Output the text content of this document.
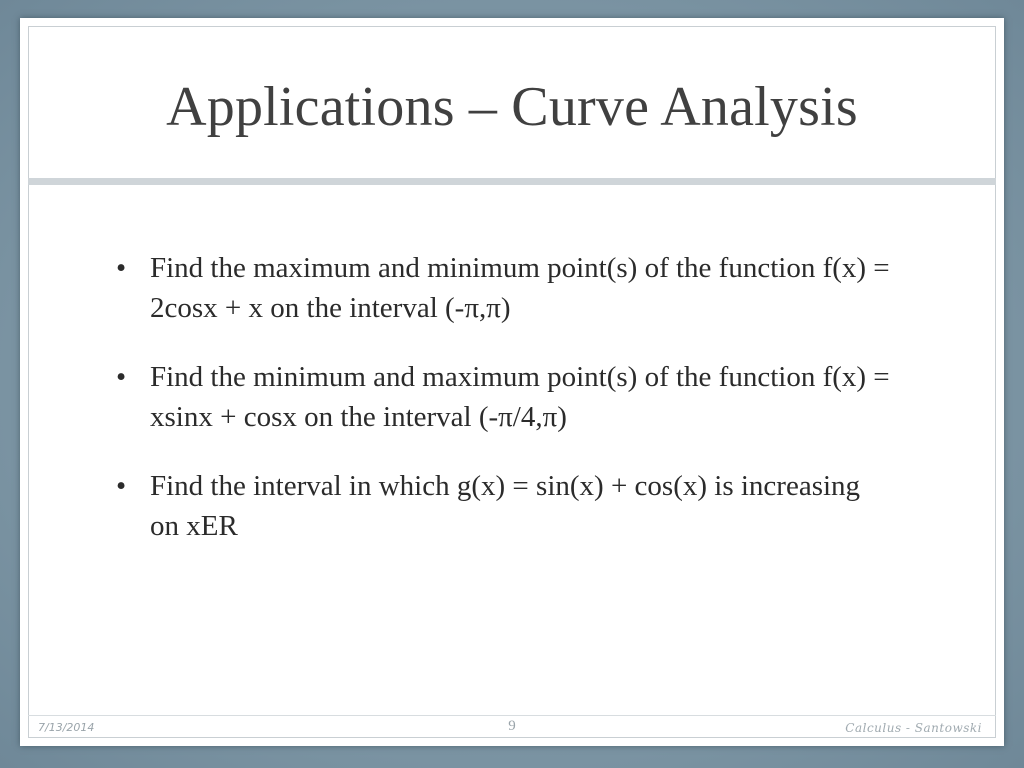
Applications – Curve Analysis
• Find the maximum and minimum point(s) of the function f(x) = 2cosx + x on the interval (-π,π)
• Find the minimum and maximum point(s) of the function f(x) = xsinx + cosx on the interval (-π/4,π)
• Find the interval in which g(x) = sin(x) + cos(x) is increasing on xER
7/13/2014	9	Calculus - Santowski
